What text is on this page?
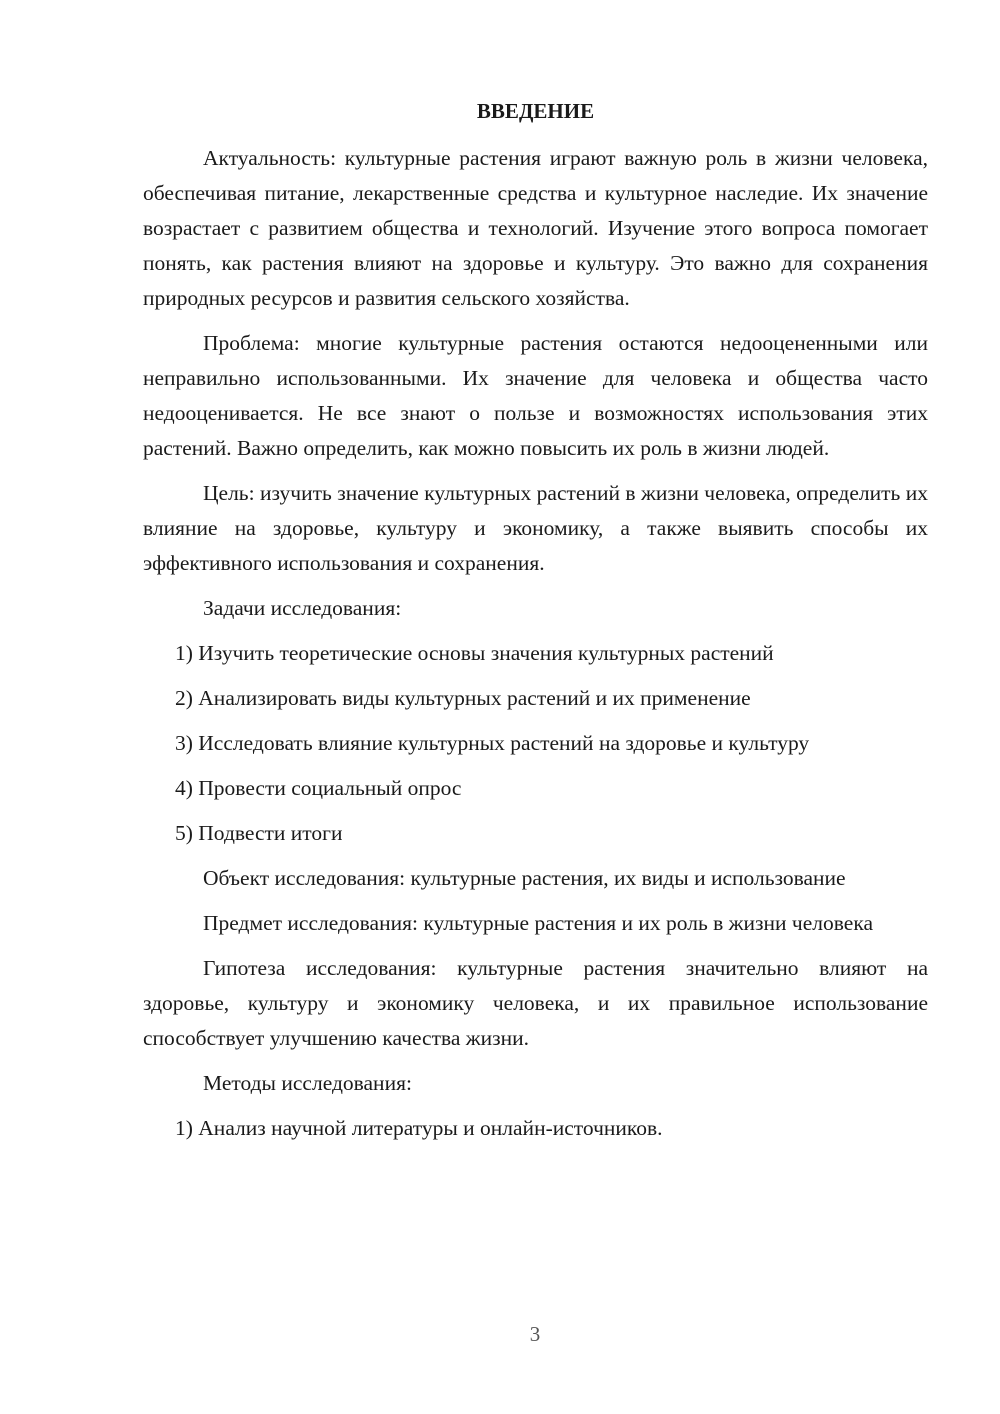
ВВЕДЕНИЕ

Актуальность: культурные растения играют важную роль в жизни человека, обеспечивая питание, лекарственные средства и культурное наследие. Их значение возрастает с развитием общества и технологий. Изучение этого вопроса помогает понять, как растения влияют на здоровье и культуру. Это важно для сохранения природных ресурсов и развития сельского хозяйства.

Проблема: многие культурные растения остаются недооцененными или неправильно использованными. Их значение для человека и общества часто недооценивается. Не все знают о пользе и возможностях использования этих растений. Важно определить, как можно повысить их роль в жизни людей.

Цель: изучить значение культурных растений в жизни человека, определить их влияние на здоровье, культуру и экономику, а также выявить способы их эффективного использования и сохранения.

Задачи исследования:

1) Изучить теоретические основы значения культурных растений
2) Анализировать виды культурных растений и их применение
3) Исследовать влияние культурных растений на здоровье и культуру
4) Провести социальный опрос
5) Подвести итоги

Объект исследования: культурные растения, их виды и использование

Предмет исследования: культурные растения и их роль в жизни человека

Гипотеза исследования: культурные растения значительно влияют на здоровье, культуру и экономику человека, и их правильное использование способствует улучшению качества жизни.

Методы исследования:

1) Анализ научной литературы и онлайн-источников.
3
